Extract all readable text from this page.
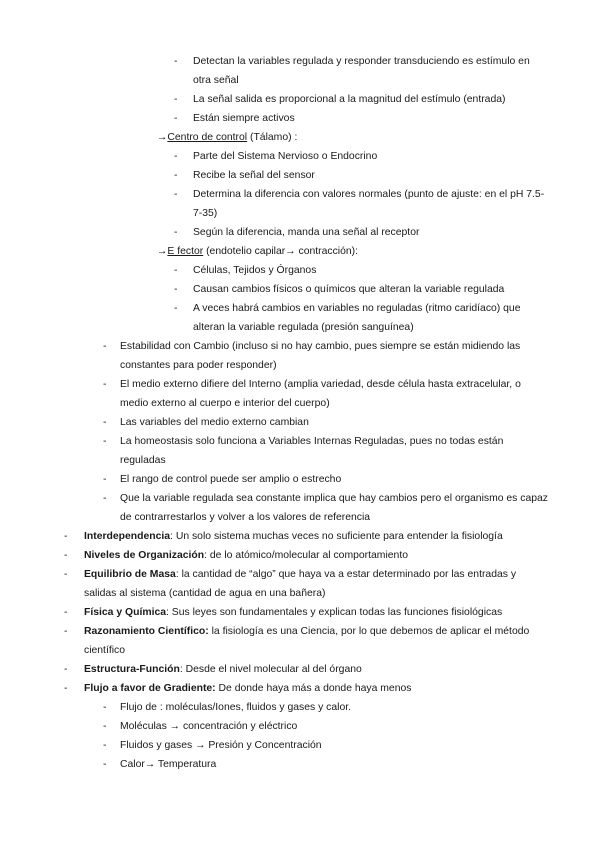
- Detectan la variables regulada y responder transduciendo es estímulo en otra señal
- La señal salida es proporcional a la magnitud del estímulo (entrada)
- Están siempre activos
→Centro de control (Tálamo) :
- Parte del Sistema Nervioso o Endocrino
- Recibe la señal del sensor
- Determina la diferencia con valores normales (punto de ajuste: en el pH 7.5-7-35)
- Según la diferencia, manda una señal al receptor
→E fector (endotelio capilar→ contracción):
- Células, Tejidos y Órganos
- Causan cambios físicos o químicos que alteran la variable regulada
- A veces habrá cambios en variables no reguladas (ritmo caridíaco) que alteran la variable regulada (presión sanguínea)
- Estabilidad con Cambio (incluso si no hay cambio, pues siempre se están midiendo las constantes para poder responder)
- El medio externo difiere del Interno (amplia variedad, desde célula hasta extracelular, o medio externo al cuerpo e interior del cuerpo)
- Las variables del medio externo cambian
- La homeostasis solo funciona a Variables Internas Reguladas, pues no todas están reguladas
- El rango de control puede ser amplio o estrecho
- Que la variable regulada sea constante implica que hay cambios pero el organismo es capaz de contrarrestarlos y volver a los valores de referencia
- Interdependencia: Un solo sistema muchas veces no suficiente para entender la fisiología
- Niveles de Organización: de lo atómico/molecular al comportamiento
- Equilibrio de Masa: la cantidad de “algo” que haya va a estar determinado por las entradas y salidas al sistema (cantidad de agua en una bañera)
- Física y Química: Sus leyes son fundamentales y explican todas las funciones fisiológicas
- Razonamiento Científico: la fisiología es una Ciencia, por lo que debemos de aplicar el método científico
- Estructura-Función: Desde el nivel molecular al del órgano
- Flujo a favor de Gradiente: De donde haya más a donde haya menos
- Flujo de : moléculas/Iones, fluidos y gases y calor.
- Moléculas → concentración y eléctrico
- Fluidos y gases → Presión y Concentración
- Calor→ Temperatura
